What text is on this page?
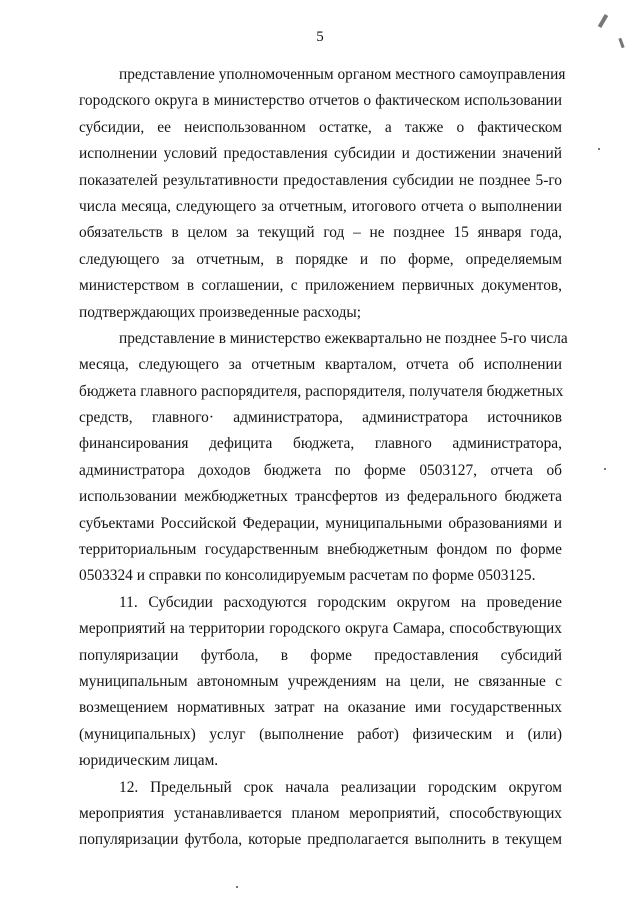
5
представление уполномоченным органом местного самоуправления
городского округа в министерство отчетов о фактическом использовании
субсидии, ее неиспользованном остатке, а также о фактическом
исполнении условий предоставления субсидии и достижении значений
показателей результативности предоставления субсидии не позднее 5-го
числа месяца, следующего за отчетным, итогового отчета о выполнении
обязательств в целом за текущий год – не позднее 15 января года,
следующего за отчетным, в порядке и по форме, определяемым
министерством в соглашении, с приложением первичных документов,
подтверждающих произведенные расходы;
представление в министерство ежеквартально не позднее 5-го числа
месяца, следующего за отчетным кварталом, отчета об исполнении
бюджета главного распорядителя, распорядителя, получателя бюджетных
средств, главного· администратора, администратора источников
финансирования дефицита бюджета, главного администратора,
администратора доходов бюджета по форме 0503127, отчета об
использовании межбюджетных трансфертов из федерального бюджета
субъектами Российской Федерации, муниципальными образованиями и
территориальным государственным внебюджетным фондом по форме
0503324 и справки по консолидируемым расчетам по форме 0503125.
11. Субсидии расходуются городским округом на проведение
мероприятий на территории городского округа Самара, способствующих
популяризации футбола, в форме предоставления субсидий
муниципальным автономным учреждениям на цели, не связанные с
возмещением нормативных затрат на оказание ими государственных
(муниципальных) услуг (выполнение работ) физическим и (или)
юридическим лицам.
12. Предельный срок начала реализации городским округом
мероприятия устанавливается планом мероприятий, способствующих
популяризации футбола, которые предполагается выполнить в текущем
